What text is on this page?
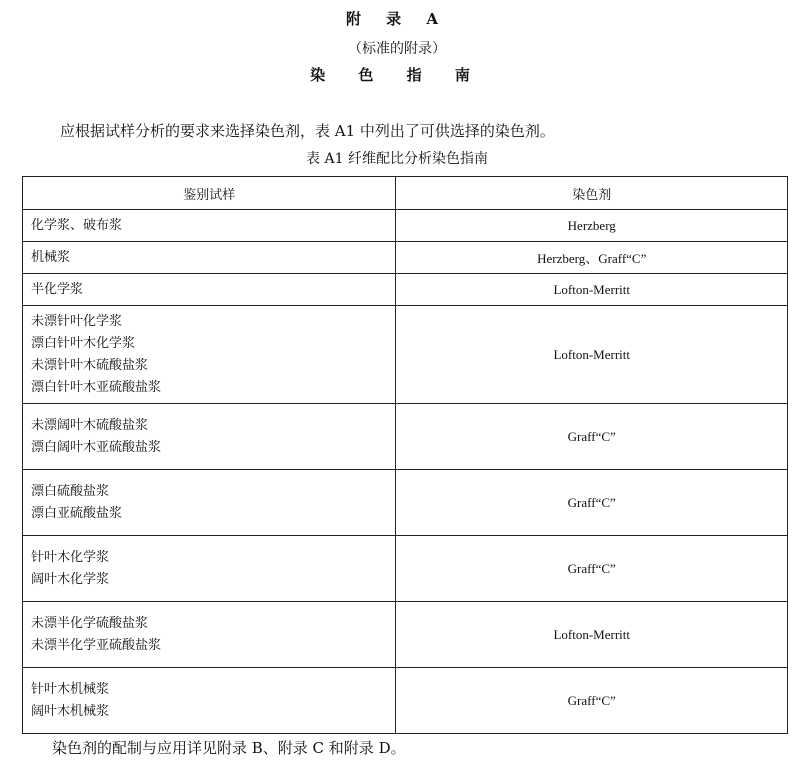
附 录 A
（标准的附录）
染 色 指 南
应根据试样分析的要求来选择染色剂，表 A1 中列出了可供选择的染色剂。
表 A1 纤维配比分析染色指南
鉴别试样	染色剂

化学浆、破布浆	Herzberg

机械浆	Herzberg、Graff“C”

半化学浆	Lofton-Merritt

未漂针叶化学浆
漂白针叶木化学浆
未漂针叶木硫酸盐浆
漂白针叶木亚硫酸盐浆	Lofton-Merritt

未漂阔叶木硫酸盐浆
漂白阔叶木亚硫酸盐浆	Graff“C”

漂白硫酸盐浆
漂白亚硫酸盐浆	Graff“C”

针叶木化学浆
阔叶木化学浆	Graff“C”

未漂半化学硫酸盐浆
未漂半化学亚硫酸盐浆	Lofton-Merritt

针叶木机械浆
阔叶木机械浆	Graff“C”
染色剂的配制与应用详见附录 B、附录 C 和附录 D。
